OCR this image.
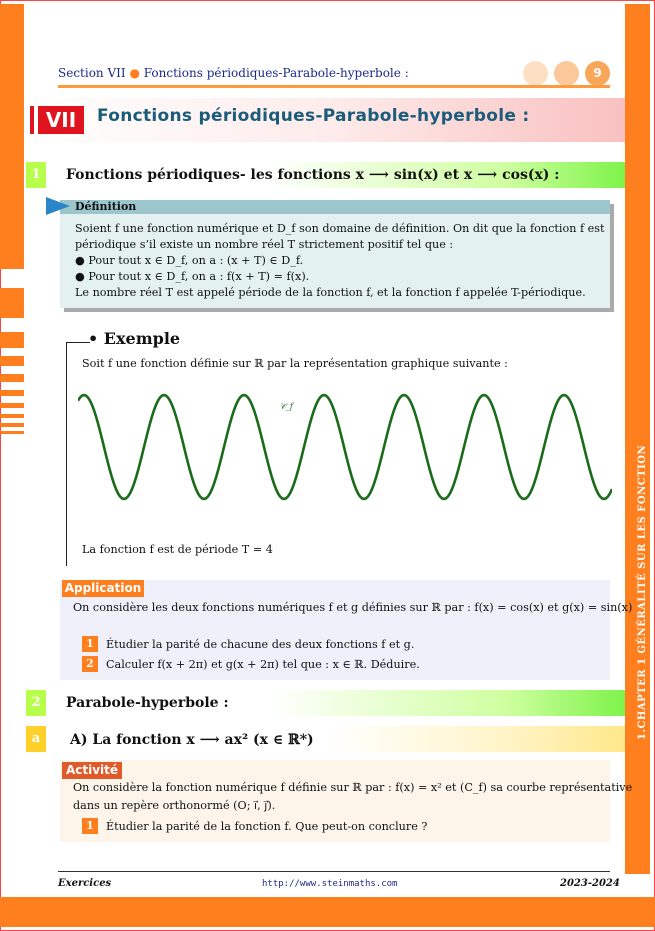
1.CHAPTER 1 GÉNÉRALITÉ SUR LES FONCTION
Section VII ● Fonctions périodiques-Parabole-hyperbole :	9
VII	Fonctions périodiques-Parabole-hyperbole :
1	Fonctions périodiques- les fonctions x ⟶ sin(x) et x ⟶ cos(x) :
Définition
Soient f une fonction numérique et D_f son domaine de définition. On dit que la fonction f est
périodique s’il existe un nombre réel T strictement positif tel que :
● Pour tout x ∈ D_f, on a : (x + T) ∈ D_f.
● Pour tout x ∈ D_f, on a : f(x + T) = f(x).
Le nombre réel T est appelé période de la fonction f, et la fonction f appelée T-périodique.
• Exemple
Soit f une fonction définie sur ℝ par la représentation graphique suivante :
𝒞_f
La fonction f est de période T = 4
Application
On considère les deux fonctions numériques f et g définies sur ℝ par : f(x) = cos(x) et g(x) = sin(x)
1	Étudier la parité de chacune des deux fonctions f et g.
2	Calculer f(x + 2π) et g(x + 2π) tel que : x ∈ ℝ. Déduire.
2	Parabole-hyperbole :
a	A) La fonction x ⟶ ax² (x ∈ ℝ*)
Activité
On considère la fonction numérique f définie sur ℝ par : f(x) = x² et (C_f) sa courbe représentative
dans un repère orthonormé (O; i⃗, j⃗).
1	Étudier la parité de la fonction f. Que peut-on conclure ?
Exercices	http://www.steinmaths.com	2023-2024
